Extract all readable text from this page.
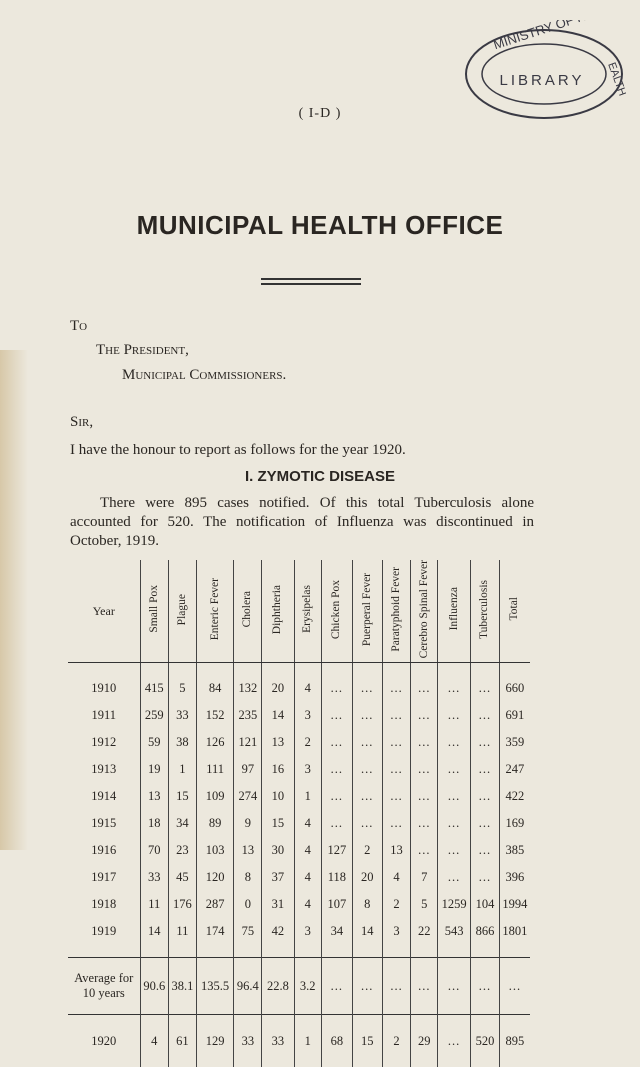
MINISTRY OF H
EALTH
LIBRARY
( I-D )
MUNICIPAL HEALTH OFFICE
To
The President,
Municipal Commissioners.
Sir,
I have the honour to report as follows for the year 1920.
I. ZYMOTIC DISEASE
There were 895 cases notified. Of this total Tuberculosis alone accounted for 520. The notification of Influenza was discontinued in October, 1919.
Year	Small Pox	Plague	Enteric Fever	Cholera	Diphtheria	Erysipelas	Chicken Pox	Puerperal Fever	Paratyphoid Fever	Cerebro Spinal Fever	Influenza	Tuberculosis	Total

1910	415	5	84	132	20	4	...	...	...	...	...	...	660
1911	259	33	152	235	14	3	...	...	...	...	...	...	691
1912	59	38	126	121	13	2	...	...	...	...	...	...	359
1913	19	1	111	97	16	3	...	...	...	...	...	...	247
1914	13	15	109	274	10	1	...	...	...	...	...	...	422
1915	18	34	89	9	15	4	...	...	...	...	...	...	169
1916	70	23	103	13	30	4	127	2	13	...	...	...	385
1917	33	45	120	8	37	4	118	20	4	7	...	...	396
1918	11	176	287	0	31	4	107	8	2	5	1259	104	1994
1919	14	11	174	75	42	3	34	14	3	22	543	866	1801

Average for 10 years	90.6	38.1	135.5	96.4	22.8	3.2	...	...	...	...	...	...	...
1920	4	61	129	33	33	1	68	15	2	29	...	520	895
